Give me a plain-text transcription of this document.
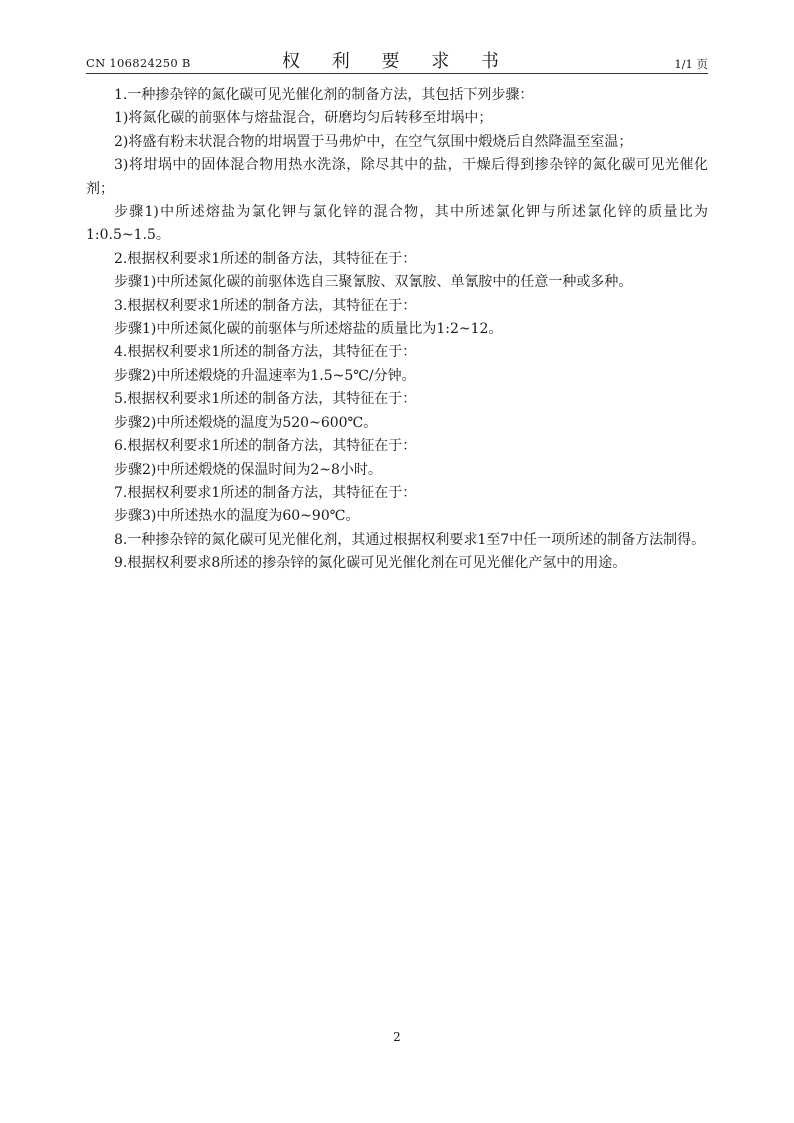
CN 106824250 B	权 利 要 求 书	1/1 页

1.一种掺杂锌的氮化碳可见光催化剂的制备方法，其包括下列步骤：

1)将氮化碳的前驱体与熔盐混合，研磨均匀后转移至坩埚中；

2)将盛有粉末状混合物的坩埚置于马弗炉中，在空气氛围中煅烧后自然降温至室温；

3)将坩埚中的固体混合物用热水洗涤，除尽其中的盐，干燥后得到掺杂锌的氮化碳可见光催化剂；

步骤1)中所述熔盐为氯化钾与氯化锌的混合物，其中所述氯化钾与所述氯化锌的质量比为1:0.5~1.5。

2.根据权利要求1所述的制备方法，其特征在于：

步骤1)中所述氮化碳的前驱体选自三聚氰胺、双氰胺、单氰胺中的任意一种或多种。

3.根据权利要求1所述的制备方法，其特征在于：

步骤1)中所述氮化碳的前驱体与所述熔盐的质量比为1:2~12。

4.根据权利要求1所述的制备方法，其特征在于：

步骤2)中所述煅烧的升温速率为1.5~5℃/分钟。

5.根据权利要求1所述的制备方法，其特征在于：

步骤2)中所述煅烧的温度为520~600℃。

6.根据权利要求1所述的制备方法，其特征在于：

步骤2)中所述煅烧的保温时间为2~8小时。

7.根据权利要求1所述的制备方法，其特征在于：

步骤3)中所述热水的温度为60~90℃。

8.一种掺杂锌的氮化碳可见光催化剂，其通过根据权利要求1至7中任一项所述的制备方法制得。

9.根据权利要求8所述的掺杂锌的氮化碳可见光催化剂在可见光催化产氢中的用途。

2
